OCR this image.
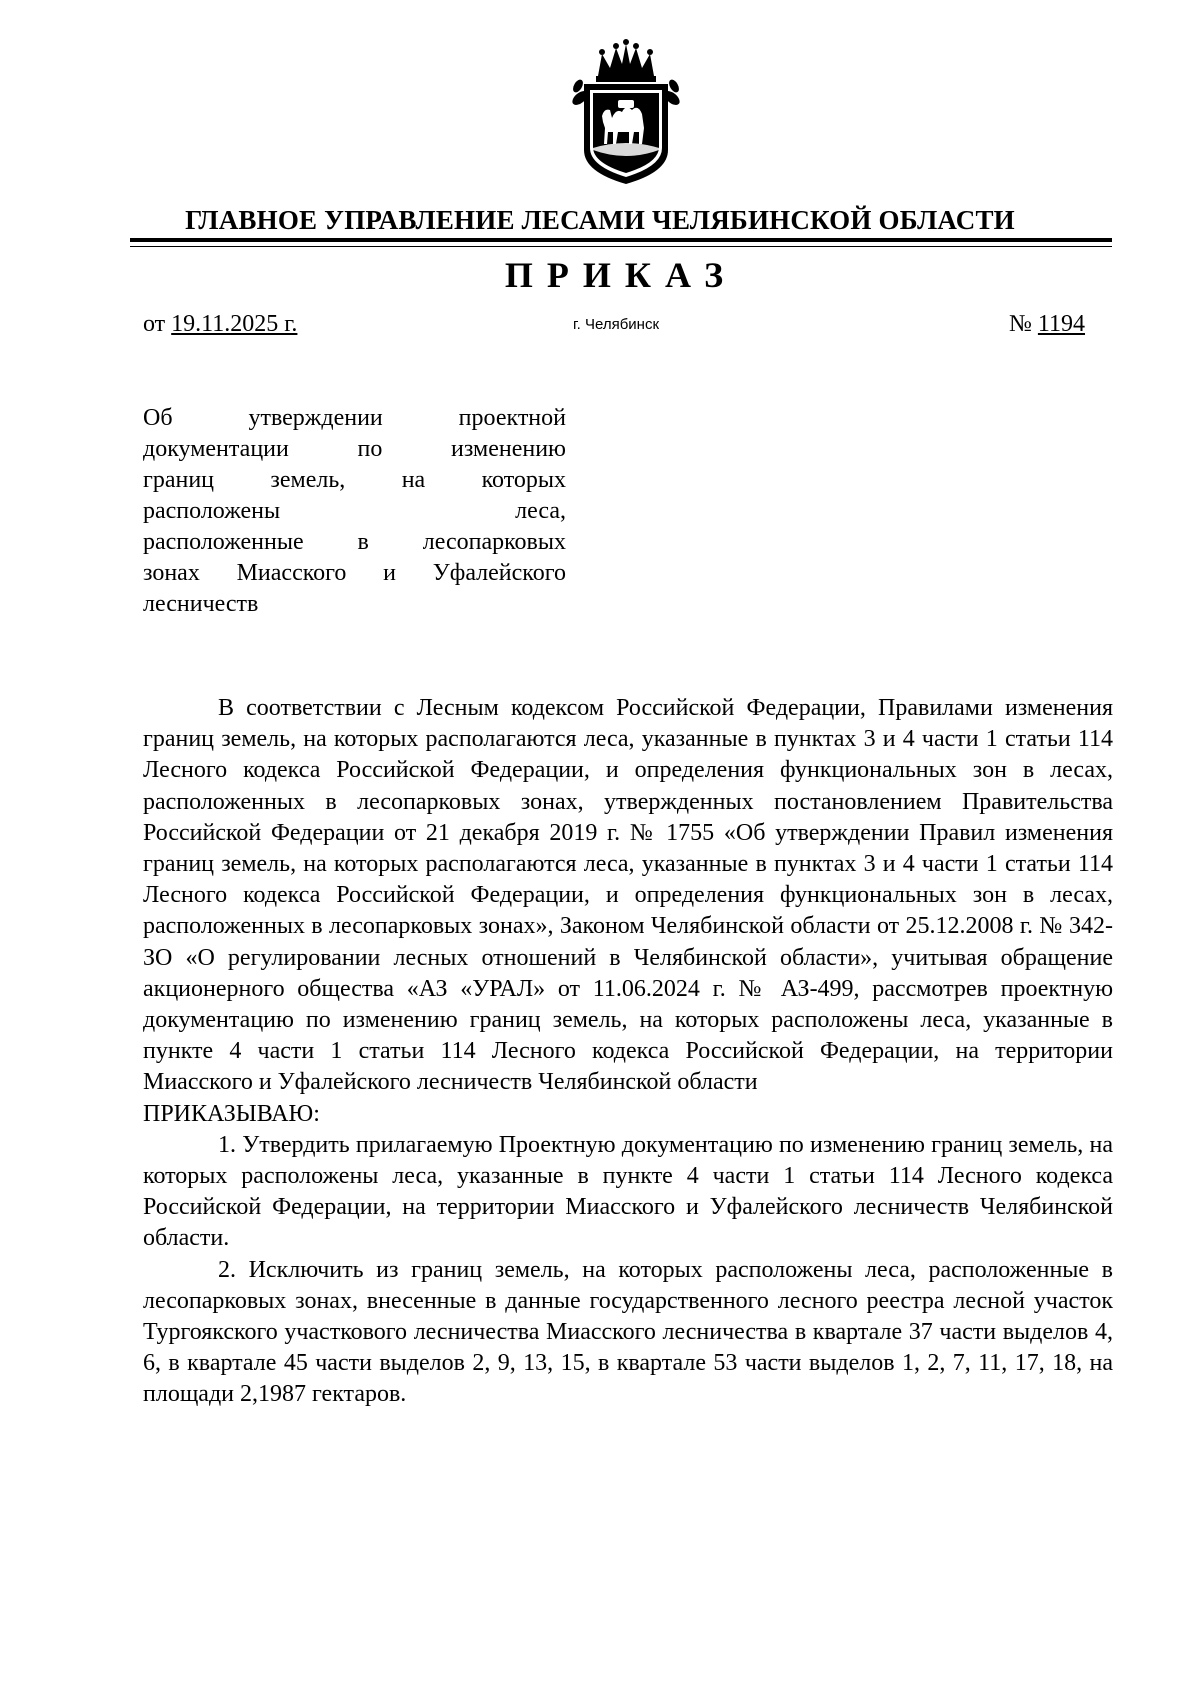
ГЛАВНОЕ УПРАВЛЕНИЕ ЛЕСАМИ ЧЕЛЯБИНСКОЙ ОБЛАСТИ
ПРИКАЗ
от 19.11.2025 г.	г. Челябинск	№ 1194
Об утверждении проектной
документации по изменению
границ земель, на которых
расположены леса,
расположенные в лесопарковых
зонах Миасского и Уфалейского
лесничеств

В соответствии с Лесным кодексом Российской Федерации, Правилами изменения границ земель, на которых располагаются леса, указанные в пунктах 3 и 4 части 1 статьи 114 Лесного кодекса Российской Федерации, и определения функциональных зон в лесах, расположенных в лесопарковых зонах, утвержденных постановлением Правительства Российской Федерации от 21 декабря 2019 г. № 1755 «Об утверждении Правил изменения границ земель, на которых располагаются леса, указанные в пунктах 3 и 4 части 1 статьи 114 Лесного кодекса Российской Федерации, и определения функциональных зон в лесах, расположенных в лесопарковых зонах», Законом Челябинской области от 25.12.2008 г. № 342-ЗО «О регулировании лесных отношений в Челябинской области», учитывая обращение акционерного общества «АЗ «УРАЛ» от 11.06.2024 г. № АЗ-499, рассмотрев проектную документацию по изменению границ земель, на которых расположены леса, указанные в пункте 4 части 1 статьи 114 Лесного кодекса Российской Федерации, на территории Миасского и Уфалейского лесничеств Челябинской области

ПРИКАЗЫВАЮ:

1. Утвердить прилагаемую Проектную документацию по изменению границ земель, на которых расположены леса, указанные в пункте 4 части 1 статьи 114 Лесного кодекса Российской Федерации, на территории Миасского и Уфалейского лесничеств Челябинской области.

2. Исключить из границ земель, на которых расположены леса, расположенные в лесопарковых зонах, внесенные в данные государственного лесного реестра лесной участок Тургоякского участкового лесничества Миасского лесничества в квартале 37 части выделов 4, 6, в квартале 45 части выделов 2, 9, 13, 15, в квартале 53 части выделов 1, 2, 7, 11, 17, 18, на площади 2,1987 гектаров.
